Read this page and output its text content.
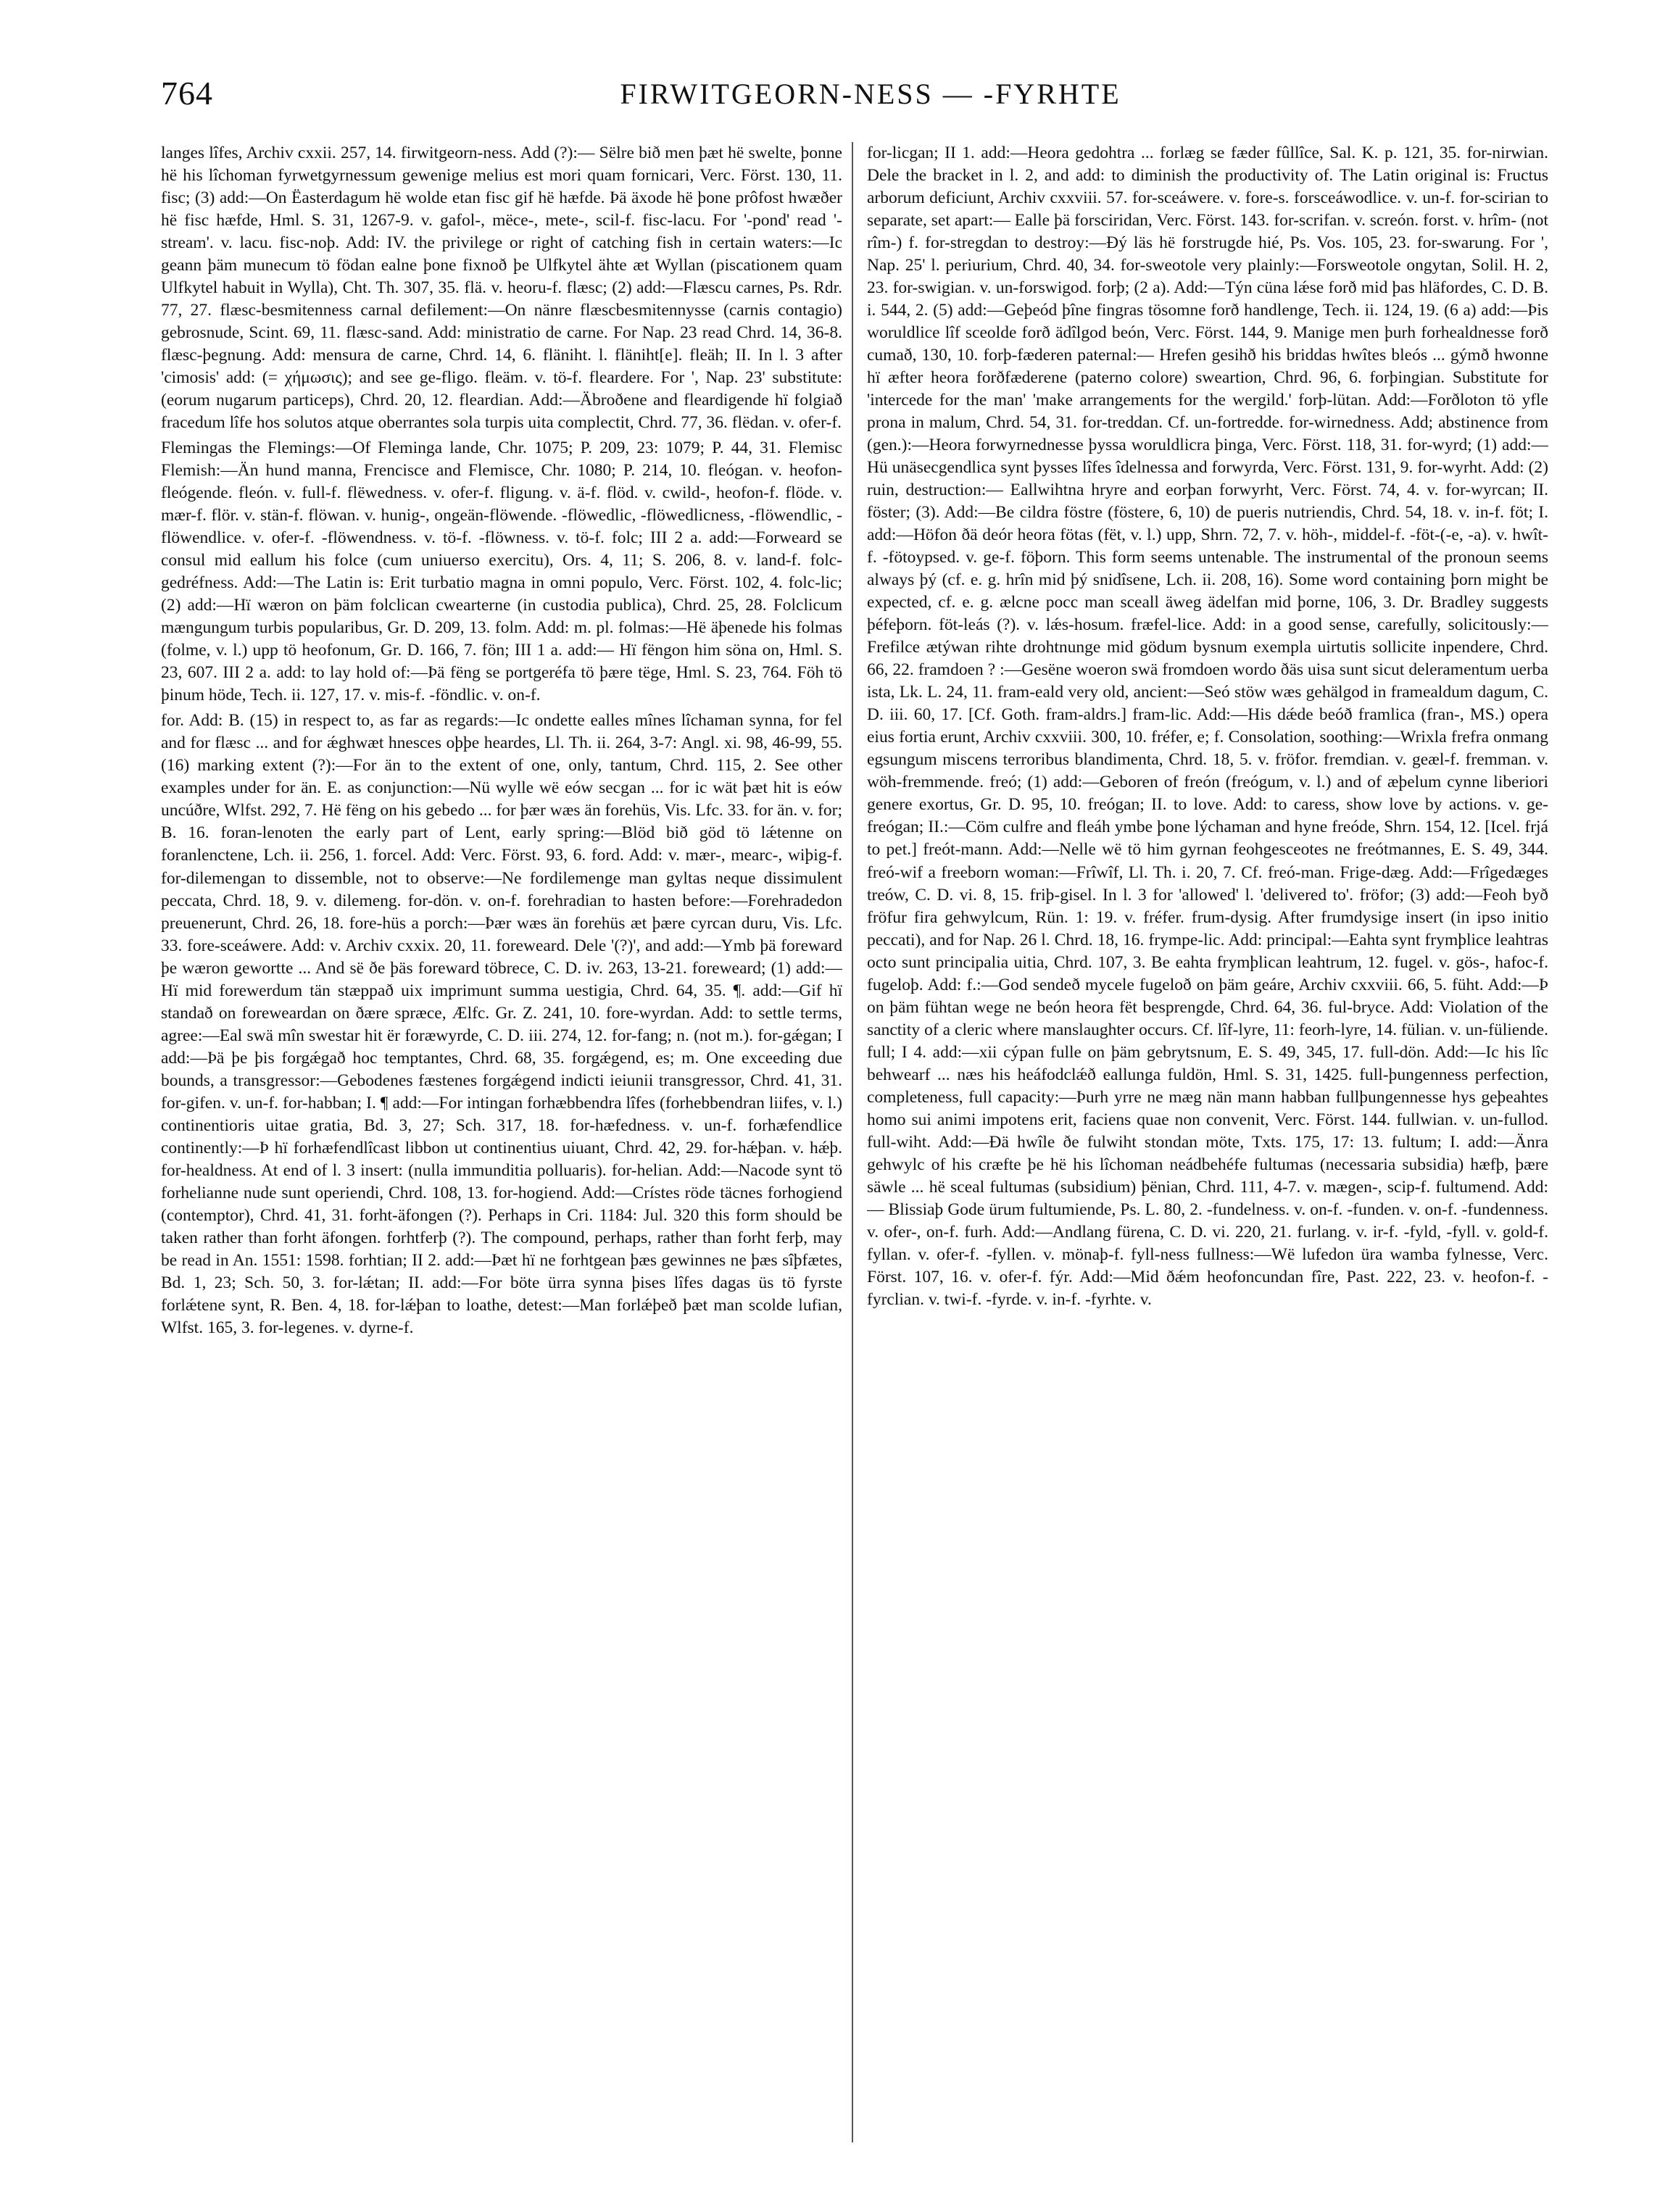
764	FIRWITGEORN-NESS — -FYRHTE

langes lîfes, Archiv cxxii. 257, 14. firwitgeorn-ness. Add (?):— Sëlre bið men þæt hë swelte, þonne hë his lîchoman fyrwetgyrnessum gewenige melius est mori quam fornicari, Verc. Först. 130, 11. fisc; (3) add:—On Ëasterdagum hë wolde etan fisc gif hë hæfde. Þä äxode hë þone prôfost hwæðer hë fisc hæfde, Hml. S. 31, 1267-9. v. gafol-, mëce-, mete-, scil-f. fisc-lacu. For '-pond' read '-stream'. v. lacu. fisc-noþ. Add: IV. the privilege or right of catching fish in certain waters:—Ic geann þäm munecum tö födan ealne þone fixnoð þe Ulfkytel ähte æt Wyllan (piscationem quam Ulfkytel habuit in Wylla), Cht. Th. 307, 35. flä. v. heoru-f. flæsc; (2) add:—Flæscu carnes, Ps. Rdr. 77, 27. flæsc-besmitenness carnal defilement:—On nänre flæscbesmitennysse (carnis contagio) gebrosnude, Scint. 69, 11. flæsc-sand. Add: ministratio de carne. For Nap. 23 read Chrd. 14, 36-8. flæsc-þegnung. Add: mensura de carne, Chrd. 14, 6. fläniht. l. fläniht[e]. fleäh; II. In l. 3 after 'cimosis' add: (= χήμωσις); and see ge-fligo. fleäm. v. tö-f. fleardere. For ', Nap. 23' substitute: (eorum nugarum particeps), Chrd. 20, 12. fleardian. Add:—Äbroðene and fleardigende hï folgiað fracedum lîfe hos solutos atque oberrantes sola turpis uita complectit, Chrd. 77, 36. flëdan. v. ofer-f.

Flemingas the Flemings:—Of Fleminga lande, Chr. 1075; P. 209, 23: 1079; P. 44, 31. Flemisc Flemish:—Än hund manna, Frencisce and Flemisce, Chr. 1080; P. 214, 10. fleógan. v. heofon-fleógende. fleón. v. full-f. flëwedness. v. ofer-f. fligung. v. ä-f. flöd. v. cwild-, heofon-f. flöde. v. mær-f. flör. v. stän-f. flöwan. v. hunig-, ongeän-flöwende. -flöwedlic, -flöwedlicness, -flöwendlic, -flöwendlice. v. ofer-f. -flöwendness. v. tö-f. -flöwness. v. tö-f. folc; III 2 a. add:—Forweard se consul mid eallum his folce (cum uniuerso exercitu), Ors. 4, 11; S. 206, 8. v. land-f. folc-gedréfness. Add:—The Latin is: Erit turbatio magna in omni populo, Verc. Först. 102, 4. folc-lic; (2) add:—Hï wæron on þäm folclican cwearterne (in custodia publica), Chrd. 25, 28. Folclicum mængungum turbis popularibus, Gr. D. 209, 13. folm. Add: m. pl. folmas:—Hë äþenede his folmas (folme, v. l.) upp tö heofonum, Gr. D. 166, 7. fön; III 1 a. add:— Hï fëngon him söna on, Hml. S. 23, 607. III 2 a. add: to lay hold of:—Þä fëng se portgeréfa tö þære tëge, Hml. S. 23, 764. Föh tö þinum höde, Tech. ii. 127, 17. v. mis-f. -föndlic. v. on-f.

for. Add: B. (15) in respect to, as far as regards:—Ic ondette ealles mînes lîchaman synna, for fel and for flæsc ... and for ǽghwæt hnesces oþþe heardes, Ll. Th. ii. 264, 3-7: Angl. xi. 98, 46-99, 55. (16) marking extent (?):—For än to the extent of one, only, tantum, Chrd. 115, 2. See other examples under for än. E. as conjunction:—Nü wylle wë eów secgan ... for ic wät þæt hit is eów uncúðre, Wlfst. 292, 7. Hë fëng on his gebedo ... for þær wæs än forehüs, Vis. Lfc. 33. for än. v. for; B. 16. foran-lenoten the early part of Lent, early spring:—Blöd bið göd tö lǽtenne on foranlenctene, Lch. ii. 256, 1. forcel. Add: Verc. Först. 93, 6. ford. Add: v. mær-, mearc-, wiþig-f. for-dilemengan to dissemble, not to observe:—Ne fordilemenge man gyltas neque dissimulent peccata, Chrd. 18, 9. v. dilemeng. for-dön. v. on-f. forehradian to hasten before:—Forehradedon preuenerunt, Chrd. 26, 18. fore-hüs a porch:—Þær wæs än forehüs æt þære cyrcan duru, Vis. Lfc. 33. fore-sceáwere. Add: v. Archiv cxxix. 20, 11. foreweard. Dele '(?)', and add:—Ymb þä foreward þe wæron gewortte ... And së ðe þäs foreward töbrece, C. D. iv. 263, 13-21. foreweard; (1) add:—Hï mid forewerdum tän stæppað uix imprimunt summa uestigia, Chrd. 64, 35. ¶. add:—Gif hï standað on foreweardan on ðære spræce, Ælfc. Gr. Z. 241, 10. fore-wyrdan. Add: to settle terms, agree:—Eal swä mîn swestar hit ër foræwyrde, C. D. iii. 274, 12. for-fang; n. (not m.). for-gǽgan; I add:—Þä þe þis forgǽgað hoc temptantes, Chrd. 68, 35. forgǽgend, es; m. One exceeding due bounds, a transgressor:—Gebodenes fæstenes forgǽgend indicti ieiunii transgressor, Chrd. 41, 31. for-gifen. v. un-f. for-habban; I. ¶ add:—For intingan forhæbbendra lîfes (forhebbendran liifes, v. l.) continentioris uitae gratia, Bd. 3, 27; Sch. 317, 18. for-hæfedness. v. un-f. forhæfendlice continently:—Þ hï forhæfendlîcast libbon ut continentius uiuant, Chrd. 42, 29. for-hǽþan. v. hǽþ. for-healdness. At end of l. 3 insert: (nulla immunditia polluaris). for-helian. Add:—Nacode synt tö forhelianne nude sunt operiendi, Chrd. 108, 13. for-hogiend. Add:—Crístes röde täcnes forhogiend (contemptor), Chrd. 41, 31. forht-äfongen (?). Perhaps in Cri. 1184: Jul. 320 this form should be taken rather than forht äfongen. forhtferþ (?). The compound, perhaps, rather than forht ferþ, may be read in An. 1551: 1598. forhtian; II 2. add:—Þæt hï ne forhtgean þæs gewinnes ne þæs sîþfætes, Bd. 1, 23; Sch. 50, 3. for-lǽtan; II. add:—For böte ürra synna þises lîfes dagas üs tö fyrste forlǽtene synt, R. Ben. 4, 18. for-lǽþan to loathe, detest:—Man forlǽþeð þæt man scolde lufian, Wlfst. 165, 3. for-legenes. v. dyrne-f.

for-licgan; II 1. add:—Heora gedohtra ... forlæg se fæder fûllîce, Sal. K. p. 121, 35. for-nirwian. Dele the bracket in l. 2, and add: to diminish the productivity of. The Latin original is: Fructus arborum deficiunt, Archiv cxxviii. 57. for-sceáwere. v. fore-s. forsceáwodlice. v. un-f. for-scirian to separate, set apart:— Ealle þä forsciridan, Verc. Först. 143. for-scrifan. v. screón. forst. v. hrîm- (not rîm-) f. for-stregdan to destroy:—Ðý läs hë forstrugde hié, Ps. Vos. 105, 23. for-swarung. For ', Nap. 25' l. periurium, Chrd. 40, 34. for-sweotole very plainly:—Forsweotole ongytan, Solil. H. 2, 23. for-swigian. v. un-forswigod. forþ; (2 a). Add:—Týn cüna lǽse forð mid þas hläfordes, C. D. B. i. 544, 2. (5) add:—Geþeód þîne fingras tösomne forð handlenge, Tech. ii. 124, 19. (6 a) add:—Þis woruldlice lîf sceolde forð ädîlgod beón, Verc. Först. 144, 9. Manige men þurh forhealdnesse forð cumað, 130, 10. forþ-fæderen paternal:— Hrefen gesihð his briddas hwîtes bleós ... gýmð hwonne hï æfter heora forðfæderene (paterno colore) sweartion, Chrd. 96, 6. forþingian. Substitute for 'intercede for the man' 'make arrangements for the wergild.' forþ-lütan. Add:—Forðloton tö yfle prona in malum, Chrd. 54, 31. for-treddan. Cf. un-fortredde. for-wirnedness. Add; abstinence from (gen.):—Heora forwyrnednesse þyssa woruldlicra þinga, Verc. Först. 118, 31. for-wyrd; (1) add:—Hü unäsecgendlica synt þysses lîfes îdelnessa and forwyrda, Verc. Först. 131, 9. for-wyrht. Add: (2) ruin, destruction:— Eallwihtna hryre and eorþan forwyrht, Verc. Först. 74, 4. v. for-wyrcan; II. föster; (3). Add:—Be cildra föstre (föstere, 6, 10) de pueris nutriendis, Chrd. 54, 18. v. in-f. föt; I. add:—Höfon ðä deór heora fötas (fët, v. l.) upp, Shrn. 72, 7. v. höh-, middel-f. -föt-(-e, -a). v. hwît-f. -fötoypsed. v. ge-f. föþorn. This form seems untenable. The instrumental of the pronoun seems always þý (cf. e. g. hrîn mid þý snidîsene, Lch. ii. 208, 16). Some word containing þorn might be expected, cf. e. g. ælcne pocc man sceall äweg ädelfan mid þorne, 106, 3. Dr. Bradley suggests þéfeþorn. föt-leás (?). v. lǽs-hosum. fræfel-lice. Add: in a good sense, carefully, solicitously:—Frefilce ætýwan rihte drohtnunge mid gödum bysnum exempla uirtutis sollicite inpendere, Chrd. 66, 22. framdoen ? :—Gesëne woeron swä fromdoen wordo ðäs uisa sunt sicut deleramentum uerba ista, Lk. L. 24, 11. fram-eald very old, ancient:—Seó stöw wæs gehälgod in framealdum dagum, C. D. iii. 60, 17. [Cf. Goth. fram-aldrs.] fram-lic. Add:—His dǽde beóð framlica (fran-, MS.) opera eius fortia erunt, Archiv cxxviii. 300, 10. fréfer, e; f. Consolation, soothing:—Wrixla frefra onmang egsungum miscens terroribus blandimenta, Chrd. 18, 5. v. fröfor. fremdian. v. geæl-f. fremman. v. wöh-fremmende. freó; (1) add:—Geboren of freón (freógum, v. l.) and of æþelum cynne liberiori genere exortus, Gr. D. 95, 10. freógan; II. to love. Add: to caress, show love by actions. v. ge-freógan; II.:—Cöm culfre and fleáh ymbe þone lýchaman and hyne freóde, Shrn. 154, 12. [Icel. frjá to pet.] freót-mann. Add:—Nelle wë tö him gyrnan feohgesceotes ne freótmannes, E. S. 49, 344. freó-wif a freeborn woman:—Frîwîf, Ll. Th. i. 20, 7. Cf. freó-man. Frige-dæg. Add:—Frîgedæges treów, C. D. vi. 8, 15. friþ-gisel. In l. 3 for 'allowed' l. 'delivered to'. fröfor; (3) add:—Feoh byð fröfur fira gehwylcum, Rün. 1: 19. v. fréfer. frum-dysig. After frumdysige insert (in ipso initio peccati), and for Nap. 26 l. Chrd. 18, 16. frympe-lic. Add: principal:—Eahta synt frymþlice leahtras octo sunt principalia uitia, Chrd. 107, 3. Be eahta frymþlican leahtrum, 12. fugel. v. gös-, hafoc-f. fugeloþ. Add: f.:—God sendeð mycele fugeloð on þäm geáre, Archiv cxxviii. 66, 5. füht. Add:—Þ on þäm fühtan wege ne beón heora fët besprengde, Chrd. 64, 36. ful-bryce. Add: Violation of the sanctity of a cleric where manslaughter occurs. Cf. lîf-lyre, 11: feorh-lyre, 14. fülian. v. un-füliende. full; I 4. add:—xii cýpan fulle on þäm gebrytsnum, E. S. 49, 345, 17. full-dön. Add:—Ic his lîc behwearf ... næs his heáfodclǽð eallunga fuldön, Hml. S. 31, 1425. full-þungenness perfection, completeness, full capacity:—Þurh yrre ne mæg nän mann habban fullþungennesse hys geþeahtes homo sui animi impotens erit, faciens quae non convenit, Verc. Först. 144. fullwian. v. un-fullod. full-wiht. Add:—Ðä hwîle ðe fulwiht stondan möte, Txts. 175, 17: 13. fultum; I. add:—Änra gehwylc of his cræfte þe hë his lîchoman neádbehéfe fultumas (necessaria subsidia) hæfþ, þære säwle ... hë sceal fultumas (subsidium) þënian, Chrd. 111, 4-7. v. mægen-, scip-f. fultumend. Add:— Blissiaþ Gode ürum fultumiende, Ps. L. 80, 2. -fundelness. v. on-f. -funden. v. on-f. -fundenness. v. ofer-, on-f. furh. Add:—Andlang fürena, C. D. vi. 220, 21. furlang. v. ir-f. -fyld, -fyll. v. gold-f. fyllan. v. ofer-f. -fyllen. v. mönaþ-f. fyll-ness fullness:—Wë lufedon üra wamba fylnesse, Verc. Först. 107, 16. v. ofer-f. fýr. Add:—Mid ðǽm heofoncundan fîre, Past. 222, 23. v. heofon-f. -fyrclian. v. twi-f. -fyrde. v. in-f. -fyrhte. v.
